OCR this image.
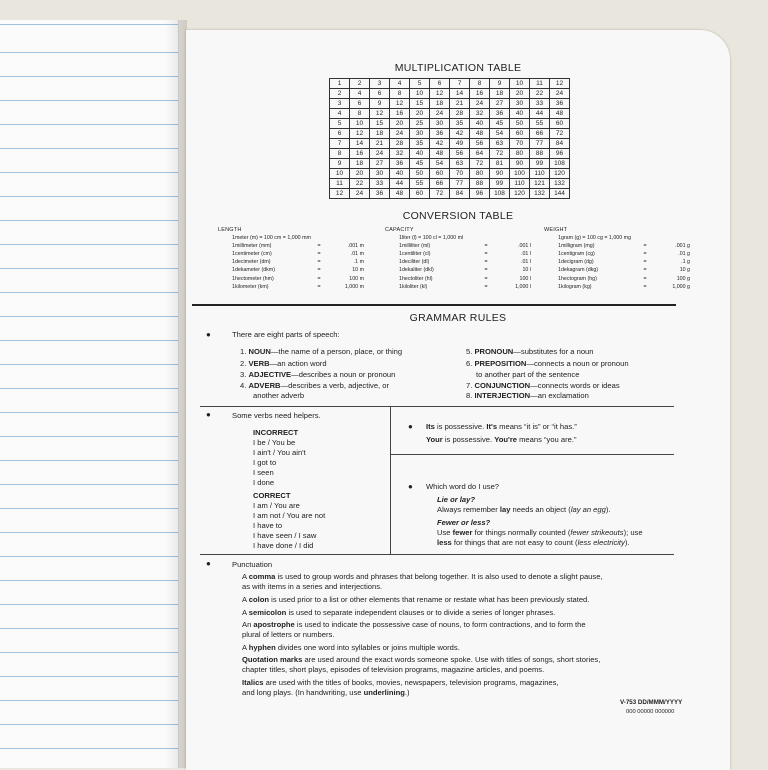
MULTIPLICATION TABLE
1	2	3	4	5	6	7	8	9	10	11	12
2	4	6	8	10	12	14	16	18	20	22	24
3	6	9	12	15	18	21	24	27	30	33	36
4	8	12	16	20	24	28	32	36	40	44	48
5	10	15	20	25	30	35	40	45	50	55	60
6	12	18	24	30	36	42	48	54	60	66	72
7	14	21	28	35	42	49	56	63	70	77	84
8	16	24	32	40	48	56	64	72	80	88	96
9	18	27	36	45	54	63	72	81	90	99	108
10	20	30	40	50	60	70	80	90	100	110	120
11	22	33	44	55	66	77	88	99	110	121	132
12	24	36	48	60	72	84	96	108	120	132	144
CONVERSION TABLE
LENGTH
1meter (m) = 100 cm = 1,000 mm
1millimeter (mm)	=	.001 m
1centimeter (cm)	=	.01 m
1decimeter (dm)	=	.1 m
1dekameter (dkm)	=	10 m
1hectometer (hm)	=	100 m
1kilometer (km)	=	1,000 m
CAPACITY
1liter (l) = 100 cl = 1,000 ml
1milliliter (ml)	=	.001 l
1centiliter (cl)	=	.01 l
1deciliter (dl)	=	.01 l
1dekaliter (dkl)	=	10 l
1hectoliter (hl)	=	100 l
1kiloliter (kl)	=	1,000 l
WEIGHT
1gram (g) = 100 cg = 1,000 mg
1milligram (mg)	=	.001 g
1centigram (cg)	=	.01 g
1decigram (dg)	=	.1 g
1dekagram (dkg)	=	10 g
1hectogram (hg)	=	100 g
1kilogram (kg)	=	1,000 g
GRAMMAR RULES
●	There are eight parts of speech:
1. NOUN—the name of a person, place, or thing
2. VERB—an action word
3. ADJECTIVE—describes a noun or pronoun
4. ADVERB—describes a verb, adjective, or
another adverb
5. PRONOUN—substitutes for a noun
6. PREPOSITION—connects a noun or pronoun
to another part of the sentence
7. CONJUNCTION—connects words or ideas
8. INTERJECTION—an exclamation
●	Some verbs need helpers.
INCORRECT
I be / You be
I ain't / You ain't
I got to
I seen
I done
CORRECT
I am / You are
I am not / You are not
I have to
I have seen / I saw
I have done / I did
● Its is possessive. It's means “it is” or “it has.”
Your is possessive. You're means “you are.”
● Which word do I use?
Lie or lay?
Always remember lay needs an object (lay an egg).
Fewer or less?
Use fewer for things normally counted (fewer strikeouts); use
less for things that are not easy to count (less electricity).
●	Punctuation
A comma is used to group words and phrases that belong together. It is also used to denote a slight pause,
as with items in a series and interjections.
A colon is used prior to a list or other elements that rename or restate what has been previously stated.
A semicolon is used to separate independent clauses or to divide a series of longer phrases.
An apostrophe is used to indicate the possessive case of nouns, to form contractions, and to form the
plural of letters or numbers.
A hyphen divides one word into syllables or joins multiple words.
Quotation marks are used around the exact words someone spoke. Use with titles of songs, short stories,
chapter titles, short plays, episodes of television programs, magazine articles, and poems.
Italics are used with the titles of books, movies, newspapers, television programs, magazines,
and long plays. (In handwriting, use underlining.)
V-753 DD/MMM/YYYY
000 00000 000000
